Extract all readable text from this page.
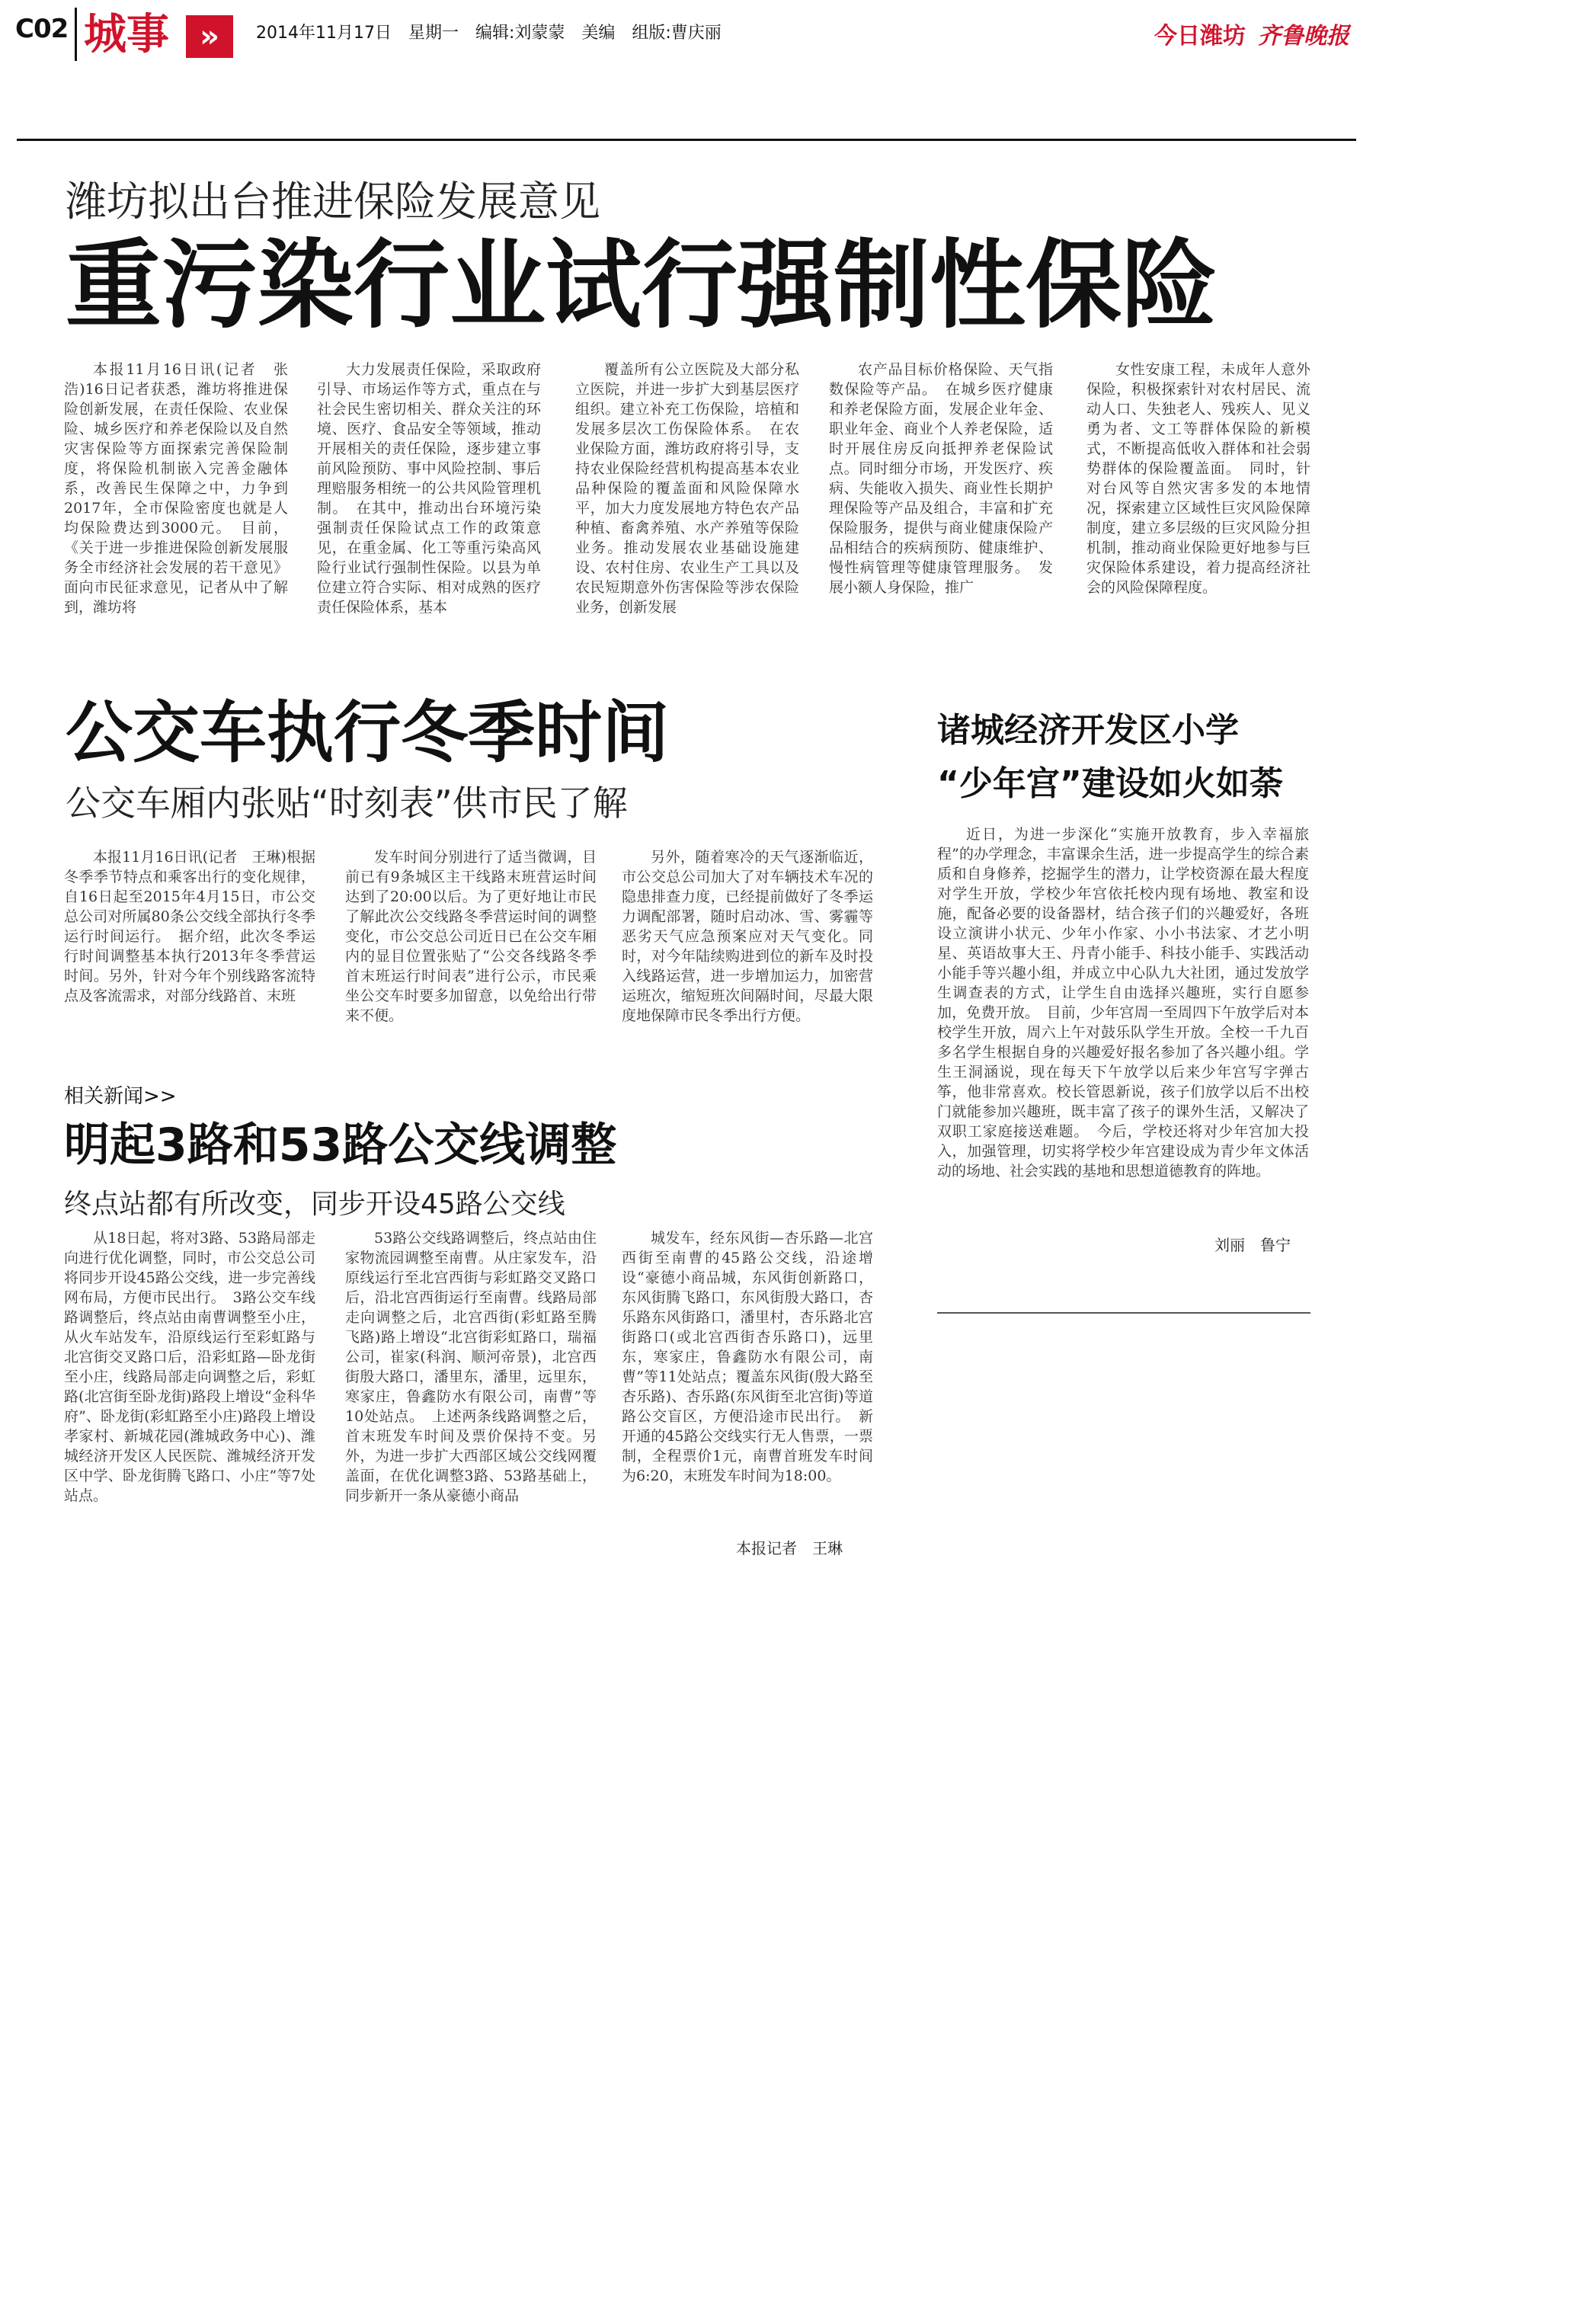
C02 城事	»	2014年11月17日　星期一　编辑:刘蒙蒙　美编　组版:曹庆丽	今日潍坊 齐鲁晚报
潍坊拟出台推进保险发展意见
重污染行业试行强制性保险

本报11月16日讯(记者　张浩)16日记者获悉，潍坊将推进保险创新发展，在责任保险、农业保险、城乡医疗和养老保险以及自然灾害保险等方面探索完善保险制度，将保险机制嵌入完善金融体系，改善民生保障之中，力争到2017年，全市保险密度也就是人均保险费达到3000元。　目前，《关于进一步推进保险创新发展服务全市经济社会发展的若干意见》面向市民征求意见，记者从中了解到，潍坊将

大力发展责任保险，采取政府引导、市场运作等方式，重点在与社会民生密切相关、群众关注的环境、医疗、食品安全等领域，推动开展相关的责任保险，逐步建立事前风险预防、事中风险控制、事后理赔服务相统一的公共风险管理机制。　在其中，推动出台环境污染强制责任保险试点工作的政策意见，在重金属、化工等重污染高风险行业试行强制性保险。以县为单位建立符合实际、相对成熟的医疗责任保险体系，基本

覆盖所有公立医院及大部分私立医院，并进一步扩大到基层医疗组织。建立补充工伤保险，培植和发展多层次工伤保险体系。　在农业保险方面，潍坊政府将引导，支持农业保险经营机构提高基本农业品种保险的覆盖面和风险保障水平，加大力度发展地方特色农产品种植、畜禽养殖、水产养殖等保险业务。推动发展农业基础设施建设、农村住房、农业生产工具以及农民短期意外伤害保险等涉农保险业务，创新发展

农产品目标价格保险、天气指数保险等产品。　在城乡医疗健康和养老保险方面，发展企业年金、职业年金、商业个人养老保险，适时开展住房反向抵押养老保险试点。同时细分市场，开发医疗、疾病、失能收入损失、商业性长期护理保险等产品及组合，丰富和扩充保险服务，提供与商业健康保险产品相结合的疾病预防、健康维护、慢性病管理等健康管理服务。　发展小额人身保险，推广

女性安康工程，未成年人意外保险，积极探索针对农村居民、流动人口、失独老人、残疾人、见义勇为者、文工等群体保险的新模式，不断提高低收入群体和社会弱势群体的保险覆盖面。　同时，针对台风等自然灾害多发的本地情况，探索建立区域性巨灾风险保障制度，建立多层级的巨灾风险分担机制，推动商业保险更好地参与巨灾保险体系建设，着力提高经济社会的风险保障程度。

公交车执行冬季时间
公交车厢内张贴“时刻表”供市民了解

本报11月16日讯(记者　王琳)根据冬季季节特点和乘客出行的变化规律，自16日起至2015年4月15日，市公交总公司对所属80条公交线全部执行冬季运行时间运行。　据介绍，此次冬季运行时间调整基本执行2013年冬季营运时间。另外，针对今年个别线路客流特点及客流需求，对部分线路首、末班

发车时间分别进行了适当微调，目前已有9条城区主干线路末班营运时间达到了20:00以后。为了更好地让市民了解此次公交线路冬季营运时间的调整变化，市公交总公司近日已在公交车厢内的显目位置张贴了“公交各线路冬季首末班运行时间表”进行公示，市民乘坐公交车时要多加留意，以免给出行带来不便。

另外，随着寒冷的天气逐渐临近，市公交总公司加大了对车辆技术车况的隐患排查力度，已经提前做好了冬季运力调配部署，随时启动冰、雪、雾霾等恶劣天气应急预案应对天气变化。同时，对今年陆续购进到位的新车及时投入线路运营，进一步增加运力，加密营运班次，缩短班次间隔时间，尽最大限度地保障市民冬季出行方便。

相关新闻>>
明起3路和53路公交线调整
终点站都有所改变，同步开设45路公交线

从18日起，将对3路、53路局部走向进行优化调整，同时，市公交总公司将同步开设45路公交线，进一步完善线网布局，方便市民出行。　3路公交车线路调整后，终点站由南曹调整至小庄，从火车站发车，沿原线运行至彩虹路与北宫街交叉路口后，沿彩虹路—卧龙街至小庄，线路局部走向调整之后，彩虹路(北宫街至卧龙街)路段上增设“金科华府”、卧龙街(彩虹路至小庄)路段上增设孝家村、新城花园(潍城政务中心)、潍城经济开发区人民医院、潍城经济开发区中学、卧龙街腾飞路口、小庄”等7处站点。

53路公交线路调整后，终点站由住家物流园调整至南曹。从庄家发车，沿原线运行至北宫西街与彩虹路交叉路口后，沿北宫西街运行至南曹。线路局部走向调整之后，北宫西街(彩虹路至腾飞路)路上增设“北宫街彩虹路口，瑞福公司，崔家(科润、顺河帝景)，北宫西街殷大路口，潘里东，潘里，远里东，寒家庄，鲁鑫防水有限公司，南曹”等10处站点。　上述两条线路调整之后，首末班发车时间及票价保持不变。另外，为进一步扩大西部区域公交线网覆盖面，在优化调整3路、53路基础上，同步新开一条从豪德小商品

城发车，经东风街—杏乐路—北宫西街至南曹的45路公交线，沿途增设“豪德小商品城，东风街创新路口，东风街腾飞路口，东风街殷大路口，杏乐路东风街路口，潘里村，杏乐路北宫街路口(或北宫西街杏乐路口)，远里东，寒家庄，鲁鑫防水有限公司，南曹”等11处站点；覆盖东风街(殷大路至杏乐路)、杏乐路(东风街至北宫街)等道路公交盲区，方便沿途市民出行。　新开通的45路公交线实行无人售票，一票制，全程票价1元，南曹首班发车时间为6:20，末班发车时间为18:00。

本报记者　王琳
诸城经济开发区小学
“少年宫”建设如火如荼

近日，为进一步深化“实施开放教育，步入幸福旅程”的办学理念，丰富课余生活，进一步提高学生的综合素质和自身修养，挖掘学生的潜力，让学校资源在最大程度对学生开放，学校少年宫依托校内现有场地、教室和设施，配备必要的设备器材，结合孩子们的兴趣爱好，各班设立演讲小状元、少年小作家、小小书法家、才艺小明星、英语故事大王、丹青小能手、科技小能手、实践活动小能手等兴趣小组，并成立中心队九大社团，通过发放学生调查表的方式，让学生自由选择兴趣班，实行自愿参加，免费开放。　目前，少年宫周一至周四下午放学后对本校学生开放，周六上午对鼓乐队学生开放。全校一千九百多名学生根据自身的兴趣爱好报名参加了各兴趣小组。学生王洞涵说，现在每天下午放学以后来少年宫写字弹古筝，他非常喜欢。校长管恩新说，孩子们放学以后不出校门就能参加兴趣班，既丰富了孩子的课外生活，又解决了双职工家庭接送难题。　今后，学校还将对少年宫加大投入，加强管理，切实将学校少年宫建设成为青少年文体活动的场地、社会实践的基地和思想道德教育的阵地。

刘丽　鲁宁
